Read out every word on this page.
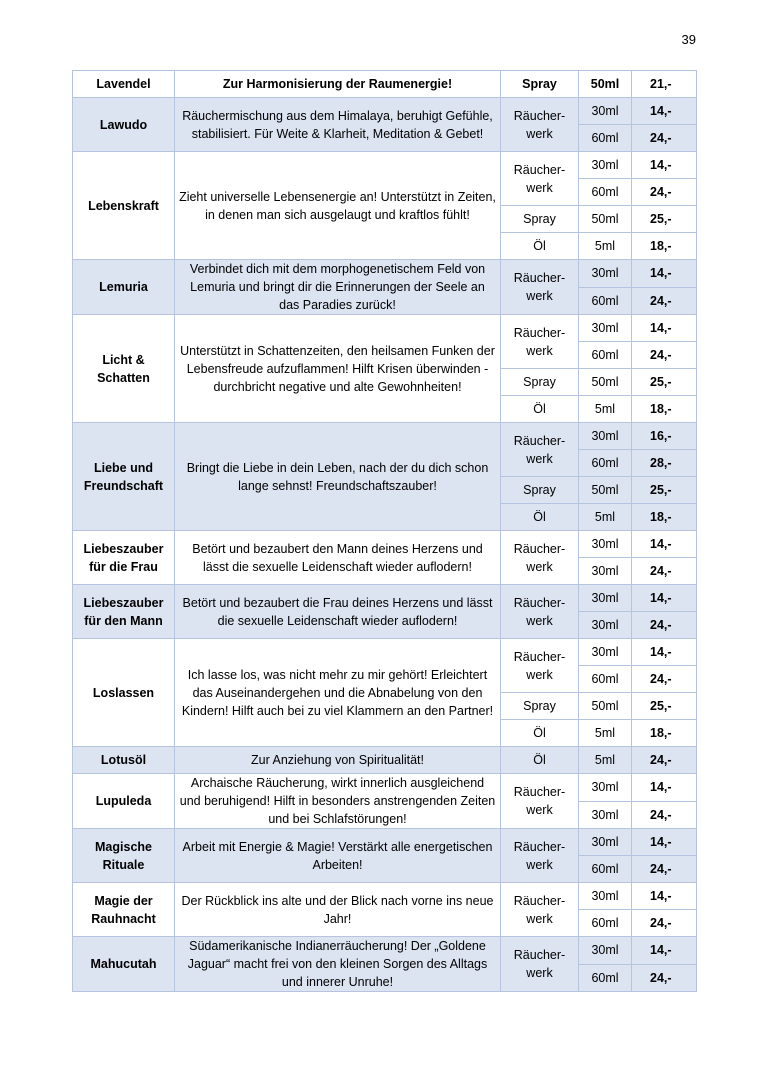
39
Lavendel	Zur Harmonisierung der Raumenergie!	Spray	50ml	21,-
Lawudo	Räuchermischung aus dem Himalaya, beruhigt Gefühle, stabilisiert. Für Weite & Klarheit, Meditation & Gebet!	Räucher-werk	30ml	14,-
			60ml	24,-
Lebenskraft	Zieht universelle Lebensenergie an! Unterstützt in Zeiten, in denen man sich ausgelaugt und kraftlos fühlt!	Räucher-werk	30ml	14,-
			60ml	24,-
		Spray	50ml	25,-
		Öl	5ml	18,-
Lemuria	Verbindet dich mit dem morphogenetischem Feld von Lemuria und bringt dir die Erinnerungen der Seele an das Paradies zurück!	Räucher-werk	30ml	14,-
			60ml	24,-
Licht & Schatten	Unterstützt in Schattenzeiten, den heilsamen Funken der Lebensfreude aufzuflammen! Hilft Krisen überwinden - durchbricht negative und alte Gewohnheiten!	Räucher-werk	30ml	14,-
			60ml	24,-
		Spray	50ml	25,-
		Öl	5ml	18,-
Liebe und Freundschaft	Bringt die Liebe in dein Leben, nach der du dich schon lange sehnst! Freundschaftszauber!	Räucher-werk	30ml	16,-
			60ml	28,-
		Spray	50ml	25,-
		Öl	5ml	18,-
Liebeszauber für die Frau	Betört und bezaubert den Mann deines Herzens und lässt die sexuelle Leidenschaft wieder auflodern!	Räucher-werk	30ml	14,-
			30ml	24,-
Liebeszauber für den Mann	Betört und bezaubert die Frau deines Herzens und lässt die sexuelle Leidenschaft wieder auflodern!	Räucher-werk	30ml	14,-
			30ml	24,-
Loslassen	Ich lasse los, was nicht mehr zu mir gehört! Erleichtert das Auseinandergehen und die Abnabelung von den Kindern! Hilft auch bei zu viel Klammern an den Partner!	Räucher-werk	30ml	14,-
			60ml	24,-
		Spray	50ml	25,-
		Öl	5ml	18,-
Lotusöl	Zur Anziehung von Spiritualität!	Öl	5ml	24,-
Lupuleda	Archaische Räucherung, wirkt innerlich ausgleichend und beruhigend! Hilft in besonders anstrengenden Zeiten und bei Schlafstörungen!	Räucher-werk	30ml	14,-
			30ml	24,-
Magische Rituale	Arbeit mit Energie & Magie! Verstärkt alle energetischen Arbeiten!	Räucher-werk	30ml	14,-
			60ml	24,-
Magie der Rauhnacht	Der Rückblick ins alte und der Blick nach vorne ins neue Jahr!	Räucher-werk	30ml	14,-
			60ml	24,-
Mahucutah	Südamerikanische Indianerräucherung! Der „Goldene Jaguar“ macht frei von den kleinen Sorgen des Alltags und innerer Unruhe!	Räucher-werk	30ml	14,-
			60ml	24,-
